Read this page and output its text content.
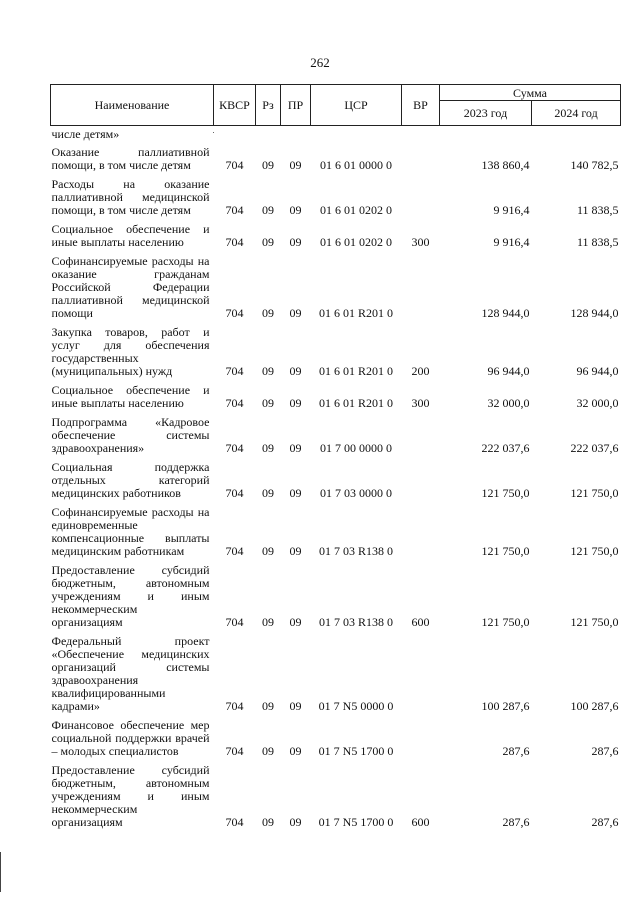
262
Наименование	КВСР	Рз	ПР	ЦСР	ВР	Сумма	
						2023 год	2024 год
числе детям»							
Оказание паллиативной помощи, в том числе детям	704	09	09	01 6 01 0000 0		138 860,4	140 782,5
Расходы на оказание паллиативной медицинской помощи, в том числе детям	704	09	09	01 6 01 0202 0		9 916,4	11 838,5
Социальное обеспечение и иные выплаты населению	704	09	09	01 6 01 0202 0	300	9 916,4	11 838,5
Софинансируемые расходы на оказание гражданам Российской Федерации паллиативной медицинской помощи	704	09	09	01 6 01 R201 0		128 944,0	128 944,0
Закупка товаров, работ и услуг для обеспечения государственных (муниципальных) нужд	704	09	09	01 6 01 R201 0	200	96 944,0	96 944,0
Социальное обеспечение и иные выплаты населению	704	09	09	01 6 01 R201 0	300	32 000,0	32 000,0
Подпрограмма «Кадровое обеспечение системы здравоохранения»	704	09	09	01 7 00 0000 0		222 037,6	222 037,6
Социальная поддержка отдельных категорий медицинских работников	704	09	09	01 7 03 0000 0		121 750,0	121 750,0
Софинансируемые расходы на единовременные компенсационные выплаты медицинским работникам	704	09	09	01 7 03 R138 0		121 750,0	121 750,0
Предоставление субсидий бюджетным, автономным учреждениям и иным некоммерческим организациям	704	09	09	01 7 03 R138 0	600	121 750,0	121 750,0
Федеральный проект «Обеспечение медицинских организаций системы здравоохранения квалифицированными кадрами»	704	09	09	01 7 N5 0000 0		100 287,6	100 287,6
Финансовое обеспечение мер социальной поддержки врачей – молодых специалистов	704	09	09	01 7 N5 1700 0		287,6	287,6
Предоставление субсидий бюджетным, автономным учреждениям и иным некоммерческим организациям	704	09	09	01 7 N5 1700 0	600	287,6	287,6
